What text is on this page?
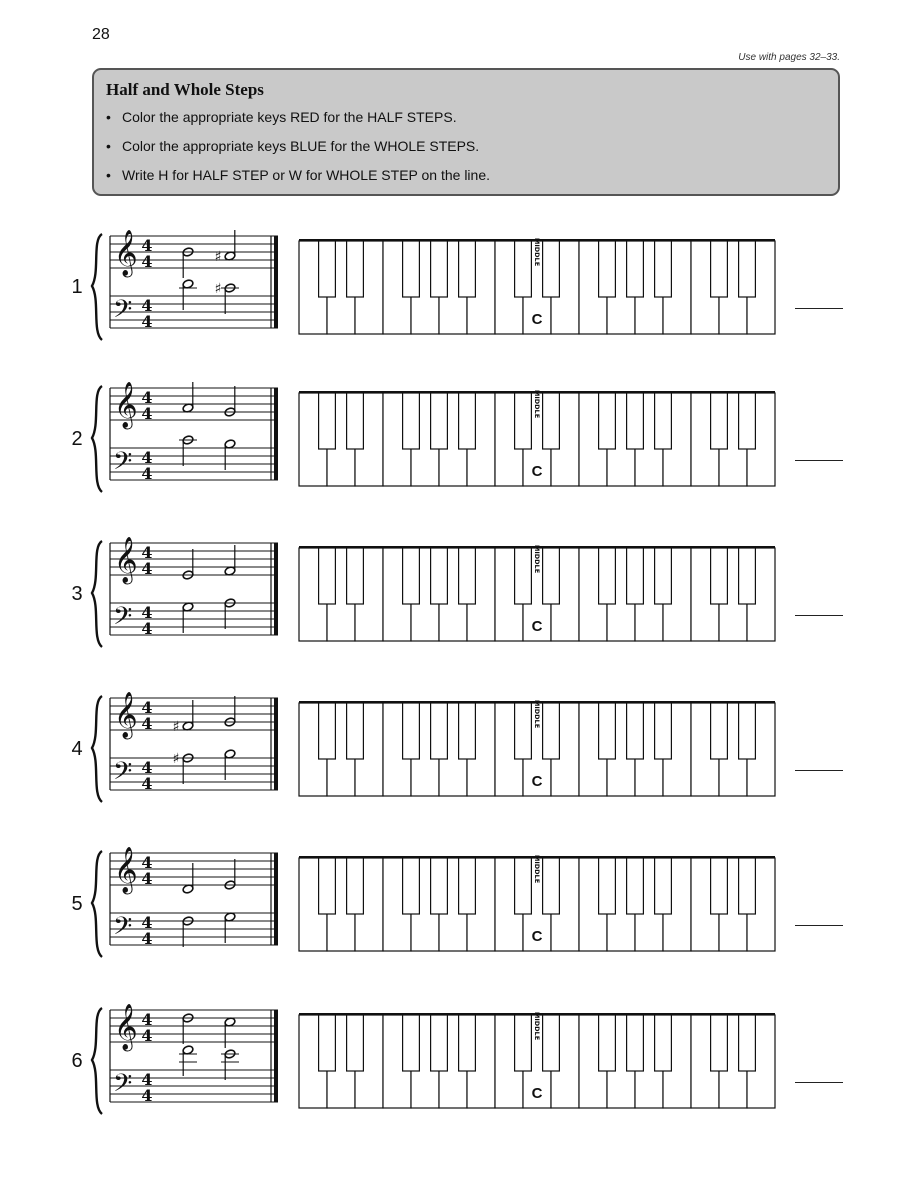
28
Use with pages 32–33.
Half and Whole Steps
• Color the appropriate keys RED for the HALF STEPS.
• Color the appropriate keys BLUE for the WHOLE STEPS.
• Write H for HALF STEP or W for WHOLE STEP on the line.
1
𝄞
𝄢
4
4
4
4
♯
♯
MIDDLE
C
2
𝄞
𝄢
4
4
4
4
MIDDLE
C
3
𝄞
𝄢
4
4
4
4
MIDDLE
C
4
𝄞
𝄢
4
4
4
4
♯
♯
MIDDLE
C
5
𝄞
𝄢
4
4
4
4
MIDDLE
C
6
𝄞
𝄢
4
4
4
4
MIDDLE
C
